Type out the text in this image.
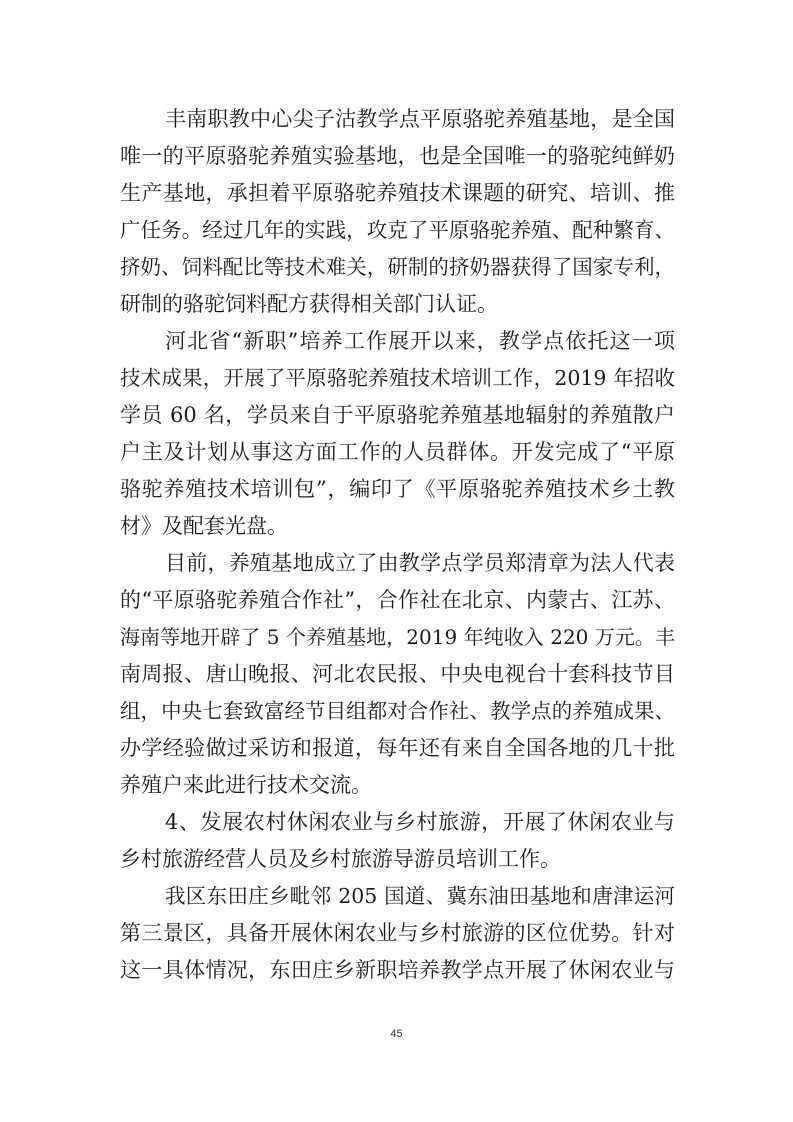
丰南职教中心尖子沽教学点平原骆驼养殖基地，是全国
唯一的平原骆驼养殖实验基地，也是全国唯一的骆驼纯鲜奶
生产基地，承担着平原骆驼养殖技术课题的研究、培训、推
广任务。经过几年的实践，攻克了平原骆驼养殖、配种繁育、
挤奶、饲料配比等技术难关，研制的挤奶器获得了国家专利，
研制的骆驼饲料配方获得相关部门认证。
河北省“新职”培养工作展开以来，教学点依托这一项
技术成果，开展了平原骆驼养殖技术培训工作，2019 年招收
学员 60 名，学员来自于平原骆驼养殖基地辐射的养殖散户
户主及计划从事这方面工作的人员群体。开发完成了“平原
骆驼养殖技术培训包”，编印了《平原骆驼养殖技术乡土教
材》及配套光盘。
目前，养殖基地成立了由教学点学员郑清章为法人代表
的“平原骆驼养殖合作社”，合作社在北京、内蒙古、江苏、
海南等地开辟了 5 个养殖基地，2019 年纯收入 220 万元。丰
南周报、唐山晚报、河北农民报、中央电视台十套科技节目
组，中央七套致富经节目组都对合作社、教学点的养殖成果、
办学经验做过采访和报道，每年还有来自全国各地的几十批
养殖户来此进行技术交流。
4、发展农村休闲农业与乡村旅游，开展了休闲农业与
乡村旅游经营人员及乡村旅游导游员培训工作。
我区东田庄乡毗邻 205 国道、冀东油田基地和唐津运河
第三景区，具备开展休闲农业与乡村旅游的区位优势。针对
这一具体情况，东田庄乡新职培养教学点开展了休闲农业与
45
